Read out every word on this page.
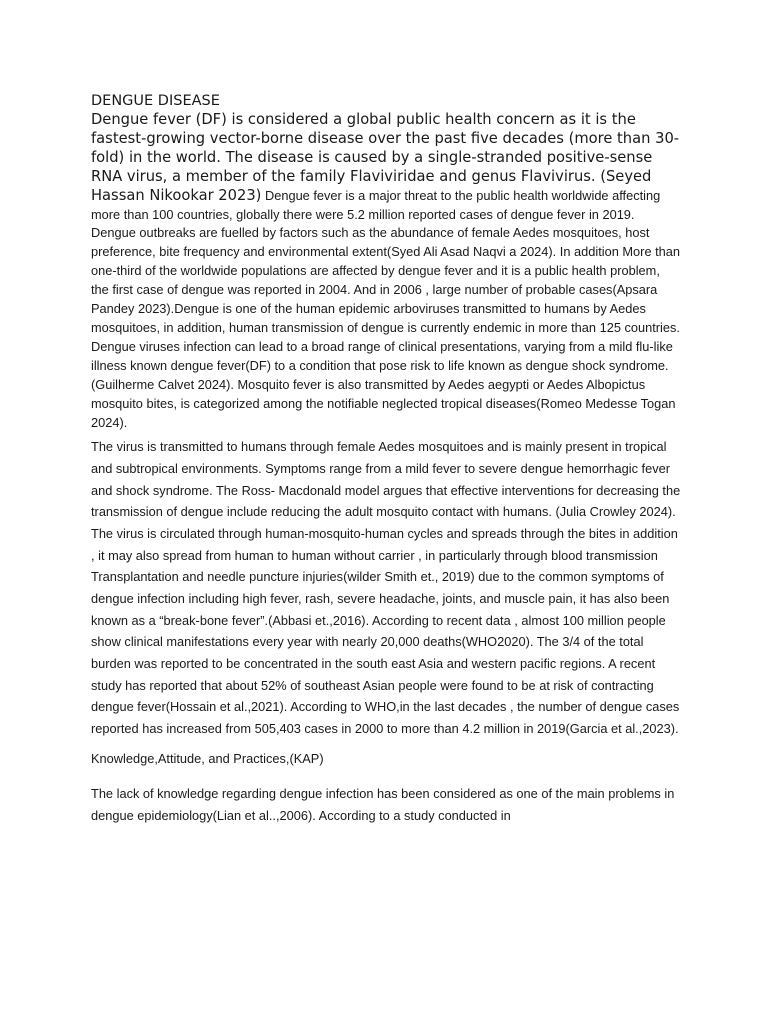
DENGUE DISEASE

Dengue fever (DF) is considered a global public health concern as it is the fastest-growing vector-borne disease over the past five decades (more than 30-fold) in the world. The disease is caused by a single-stranded positive-sense RNA virus, a member of the family Flaviviridae and genus Flavivirus. (Seyed Hassan Nikookar 2023) Dengue fever is a major threat to the public health worldwide affecting more than 100 countries, globally there were 5.2 million reported cases of dengue fever in 2019. Dengue outbreaks are fuelled by factors such as the abundance of female Aedes mosquitoes, host preference, bite frequency and environmental extent(Syed Ali Asad Naqvi a 2024). In addition More than one-third of the worldwide populations are affected by dengue fever and it is a public health problem, the first case of dengue was reported in 2004. And in 2006 , large number of probable cases(Apsara Pandey 2023).Dengue is one of the human epidemic arboviruses transmitted to humans by Aedes mosquitoes, in addition, human transmission of dengue is currently endemic in more than 125 countries. Dengue viruses infection can lead to a broad range of clinical presentations, varying from a mild flu-like illness known dengue fever(DF) to a condition that pose risk to life known as dengue shock syndrome. (Guilherme Calvet 2024). Mosquito fever is also transmitted by Aedes aegypti or Aedes Albopictus mosquito bites, is categorized among the notifiable neglected tropical diseases(Romeo Medesse Togan 2024).

The virus is transmitted to humans through female Aedes mosquitoes and is mainly present in tropical and subtropical environments. Symptoms range from a mild fever to severe dengue hemorrhagic fever and shock syndrome. The Ross- Macdonald model argues that effective interventions for decreasing the transmission of dengue include reducing the adult mosquito contact with humans. (Julia Crowley 2024). The virus is circulated through human-mosquito-human cycles and spreads through the bites in addition , it may also spread from human to human without carrier , in particularly through blood transmission Transplantation and needle puncture injuries(wilder Smith et., 2019) due to the common symptoms of dengue infection including high fever, rash, severe headache, joints, and muscle pain, it has also been known as a “break-bone fever”.(Abbasi et.,2016). According to recent data , almost 100 million people show clinical manifestations every year with nearly 20,000 deaths(WHO2020). The 3/4 of the total burden was reported to be concentrated in the south east Asia and western pacific regions. A recent study has reported that about 52% of southeast Asian people were found to be at risk of contracting dengue fever(Hossain et al.,2021). According to WHO,in the last decades , the number of dengue cases reported has increased from 505,403 cases in 2000 to more than 4.2 million in 2019(Garcia et al.,2023).

Knowledge,Attitude, and Practices,(KAP)

The lack of knowledge regarding dengue infection has been considered as one of the main problems in dengue epidemiology(Lian et al..,2006). According to a study conducted in
